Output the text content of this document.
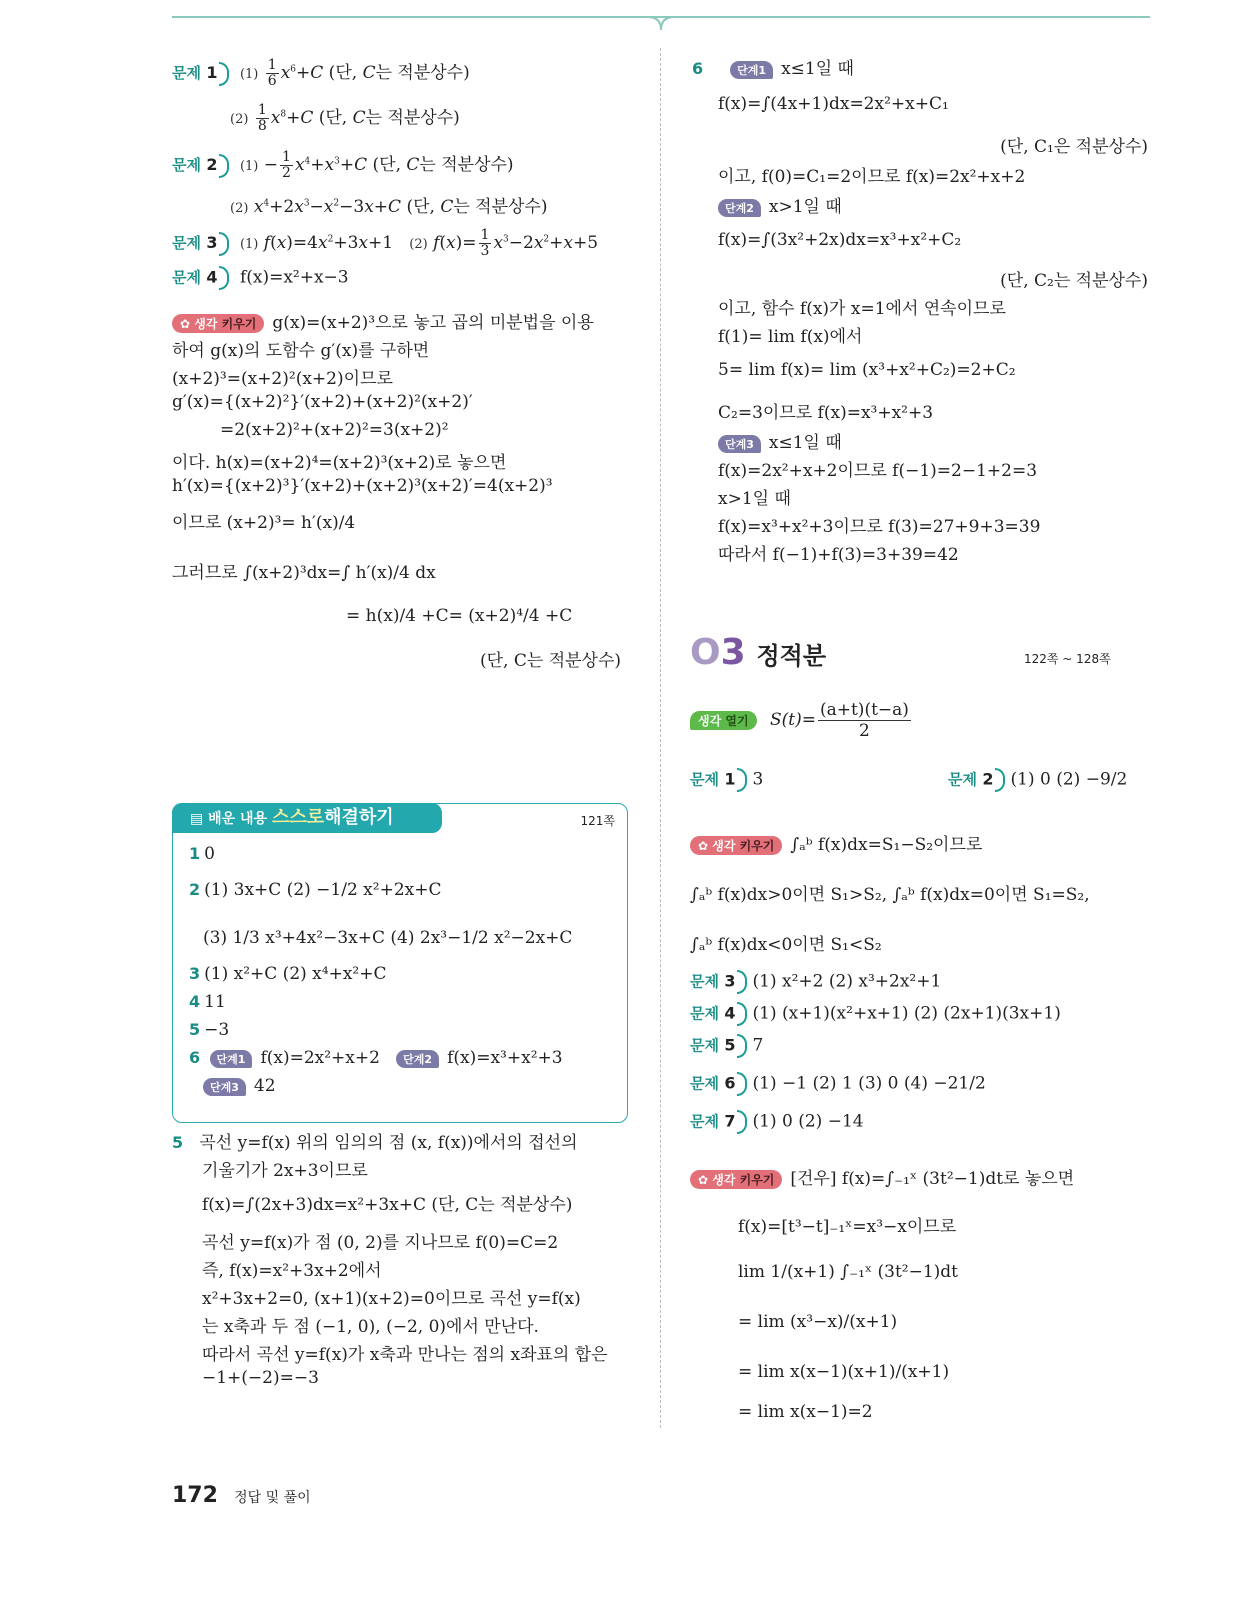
문제 1 $(1) \frac{1}{6} x^6+C$ (단, C는 적분상수)
$(2) \frac{1}{8} x^8+C$ (단, C는 적분상수)
문제 2 $(1) - \frac{1}{2} x^4+x^3+C$ (단, C는 적분상수)
(2) $x^4+2x^3-x^2-3x+C$ (단, C는 적분상수)
문제 3 (1) $f(x)=4x^2+3x+1$   (2) $f(x)= \frac{1}{3} x^3-2x^2+x+5$
문제 4 f(x)=x²+x−3
✿ 생각 키우기 g(x)=(x+2)³으로 놓고 곱의 미분법을 이용
하여 g(x)의 도함수 g′(x)를 구하면
(x+2)³=(x+2)²(x+2)이므로
g′(x)={(x+2)²}′(x+2)+(x+2)²(x+2)′
=2(x+2)²+(x+2)²=3(x+2)²
이다. h(x)=(x+2)⁴=(x+2)³(x+2)로 놓으면
h′(x)={(x+2)³}′(x+2)+(x+2)³(x+2)′=4(x+2)³
이므로 (x+2)³= h′(x)/4
그러므로 ∫(x+2)³dx=∫ h′(x)/4 dx
= h(x)/4 +C= (x+2)⁴/4 +C
(단, C는 적분상수)
▤ 배운 내용 스스로해결하기	121쪽
1 0
2 (1) 3x+C (2) −1/2 x²+2x+C
(3) 1/3 x³+4x²−3x+C (4) 2x³−1/2 x²−2x+C
3 (1) x²+C (2) x⁴+x²+C
4 11
5 −3
6 단계1 f(x)=2x²+x+2 단계2 f(x)=x³+x²+3
단계3 42
5 곡선 y=f(x) 위의 임의의 점 (x, f(x))에서의 접선의
기울기가 2x+3이므로
f(x)=∫(2x+3)dx=x²+3x+C (단, C는 적분상수)
곡선 y=f(x)가 점 (0, 2)를 지나므로 f(0)=C=2
즉, f(x)=x²+3x+2에서
x²+3x+2=0, (x+1)(x+2)=0이므로 곡선 y=f(x)
는 x축과 두 점 (−1, 0), (−2, 0)에서 만난다.
따라서 곡선 y=f(x)가 x축과 만나는 점의 x좌표의 합은
−1+(−2)=−3
172 정답 및 풀이
6	단계1 x≤1일 때
f(x)=∫(4x+1)dx=2x²+x+C₁
(단, C₁은 적분상수)
이고, f(0)=C₁=2이므로 f(x)=2x²+x+2
단계2 x>1일 때
f(x)=∫(3x²+2x)dx=x³+x²+C₂
(단, C₂는 적분상수)
이고, 함수 f(x)가 x=1에서 연속이므로
f(1)= lim f(x)에서
5= lim f(x)= lim (x³+x²+C₂)=2+C₂
C₂=3이므로 f(x)=x³+x²+3
단계3 x≤1일 때
f(x)=2x²+x+2이므로 f(−1)=2−1+2=3
x>1일 때
f(x)=x³+x²+3이므로 f(3)=27+9+3=39
따라서 f(−1)+f(3)=3+39=42
O3 정적분	122쪽 ~ 128쪽
생각 열기 $S(t)= \frac{(a+t)(t-a)}{2}$
문제 1 3	문제 2 (1) 0 (2) −9/2
✿ 생각 키우기 ∫ₐᵇ f(x)dx=S₁−S₂이므로
∫ₐᵇ f(x)dx>0이면 S₁>S₂, ∫ₐᵇ f(x)dx=0이면 S₁=S₂,
∫ₐᵇ f(x)dx<0이면 S₁<S₂
문제 3 (1) x²+2 (2) x³+2x²+1
문제 4 (1) (x+1)(x²+x+1) (2) (2x+1)(3x+1)
문제 5 7
문제 6 (1) −1 (2) 1 (3) 0 (4) −21/2
문제 7 (1) 0 (2) −14
✿ 생각 키우기 [건우] f(x)=∫₋₁ˣ (3t²−1)dt로 놓으면
f(x)=[t³−t]₋₁ˣ=x³−x이므로
lim 1/(x+1) ∫₋₁ˣ (3t²−1)dt
= lim (x³−x)/(x+1)
= lim x(x−1)(x+1)/(x+1)
= lim x(x−1)=2
